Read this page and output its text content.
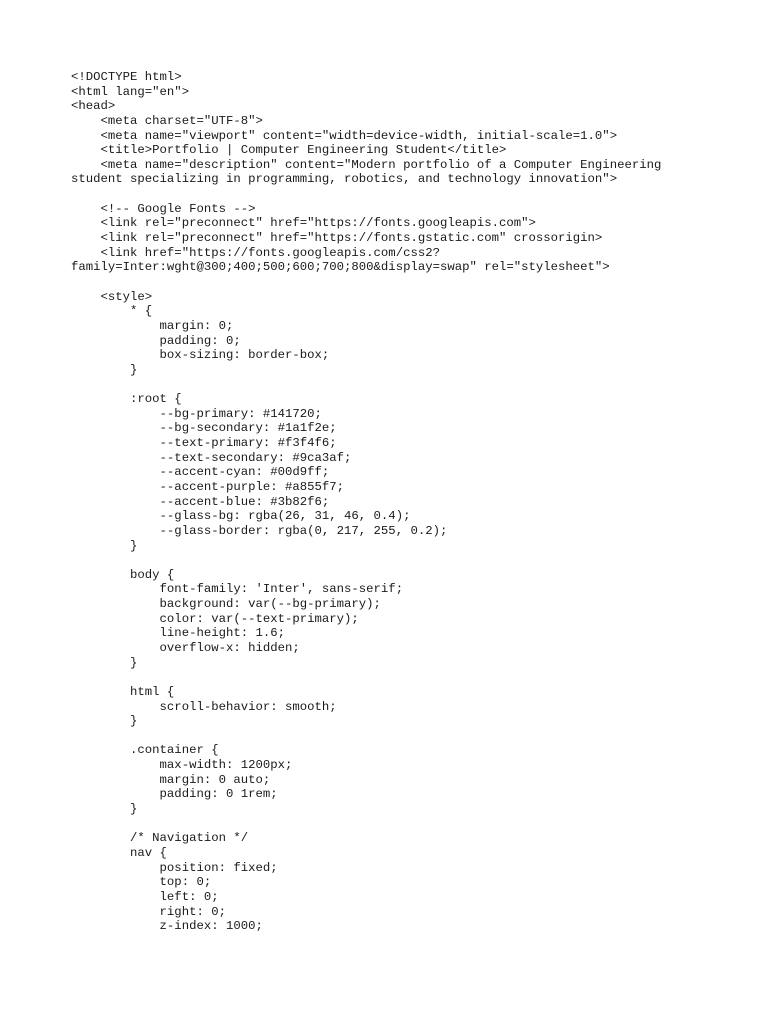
<!DOCTYPE html>
<html lang="en">
<head>
<meta charset="UTF-8">
<meta name="viewport" content="width=device-width, initial-scale=1.0">
<title>Portfolio | Computer Engineering Student</title>
<meta name="description" content="Modern portfolio of a Computer Engineering
student specializing in programming, robotics, and technology innovation">
<!-- Google Fonts -->
<link rel="preconnect" href="https://fonts.googleapis.com">
<link rel="preconnect" href="https://fonts.gstatic.com" crossorigin>
<link href="https://fonts.googleapis.com/css2?
family=Inter:wght@300;400;500;600;700;800&display=swap" rel="stylesheet">
<style>
* {
margin: 0;
padding: 0;
box-sizing: border-box;
}
:root {
--bg-primary: #141720;
--bg-secondary: #1a1f2e;
--text-primary: #f3f4f6;
--text-secondary: #9ca3af;
--accent-cyan: #00d9ff;
--accent-purple: #a855f7;
--accent-blue: #3b82f6;
--glass-bg: rgba(26, 31, 46, 0.4);
--glass-border: rgba(0, 217, 255, 0.2);
}
body {
font-family: 'Inter', sans-serif;
background: var(--bg-primary);
color: var(--text-primary);
line-height: 1.6;
overflow-x: hidden;
}
html {
scroll-behavior: smooth;
}
.container {
max-width: 1200px;
margin: 0 auto;
padding: 0 1rem;
}
/* Navigation */
nav {
position: fixed;
top: 0;
left: 0;
right: 0;
z-index: 1000;
